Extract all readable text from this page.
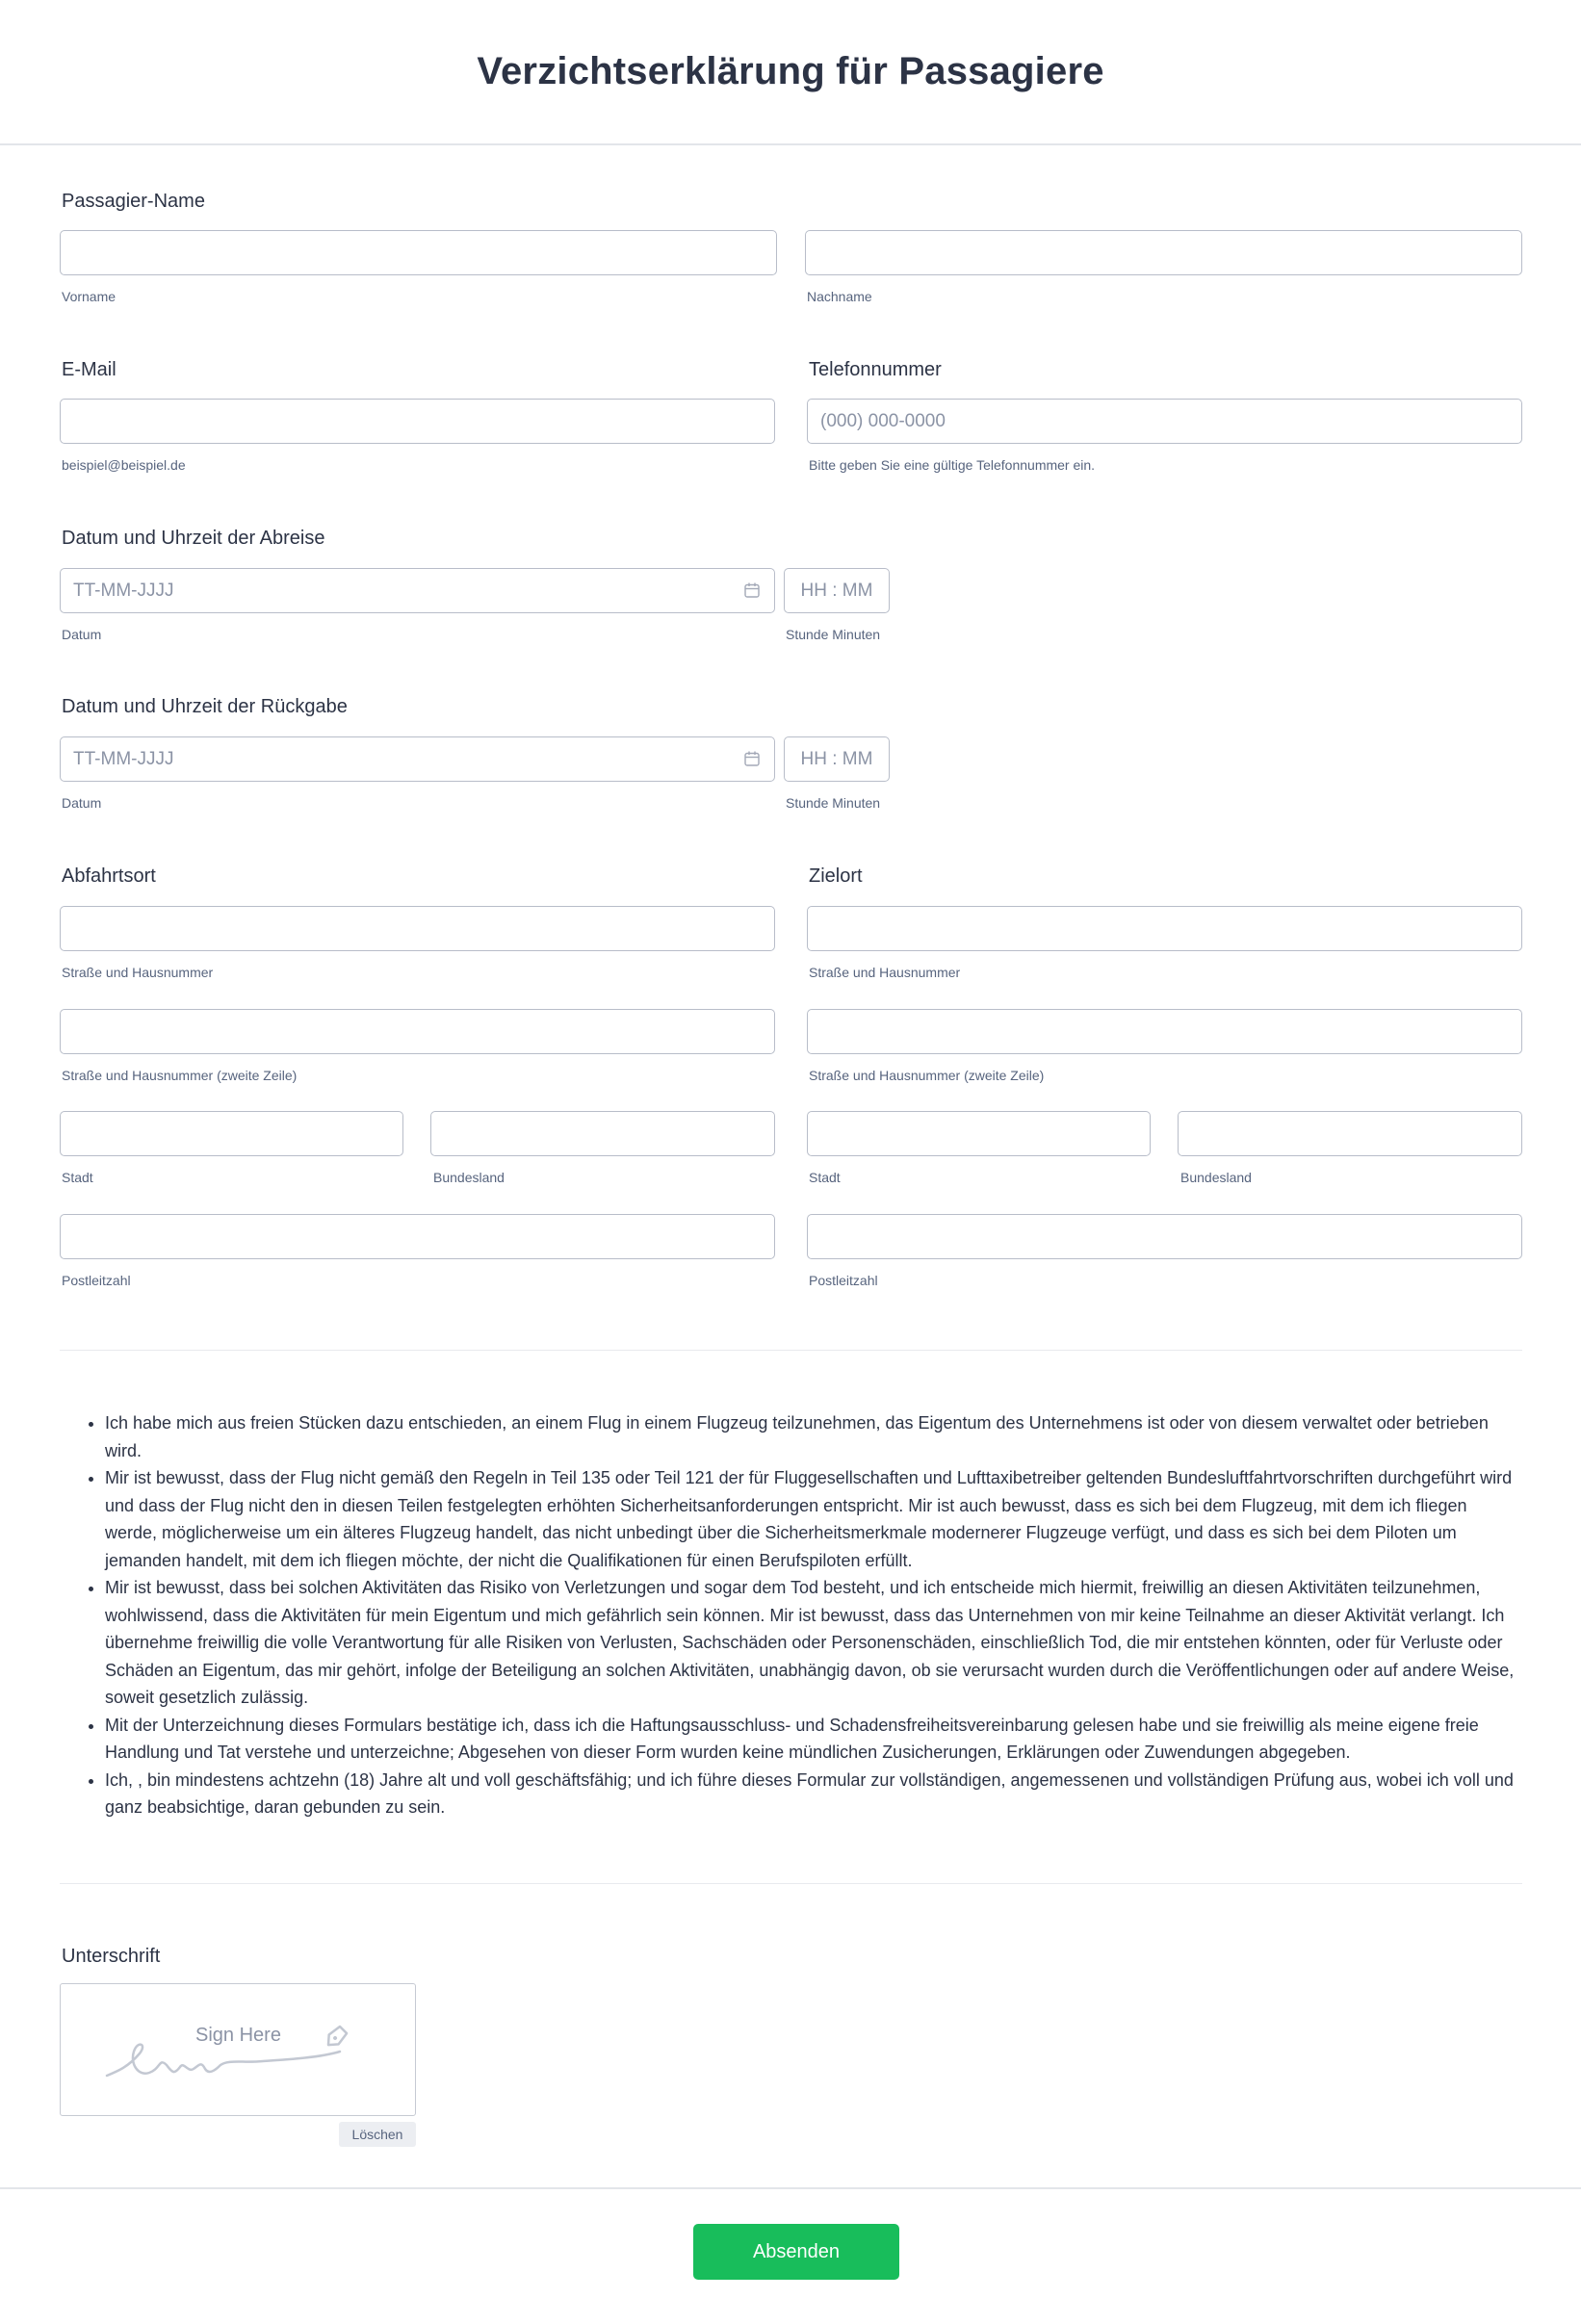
Verzichtserklärung für Passagiere
Passagier-Name
Vorname	Nachname
E-Mail
beispiel@beispiel.de
Telefonnummer
(000) 000-0000
Bitte geben Sie eine gültige Telefonnummer ein.
Datum und Uhrzeit der Abreise
TT-MM-JJJJ	HH : MM
Datum	Stunde Minuten
Datum und Uhrzeit der Rückgabe
TT-MM-JJJJ	HH : MM
Datum	Stunde Minuten
Abfahrtsort
Straße und Hausnummer
Straße und Hausnummer (zweite Zeile)
Stadt	Bundesland
Postleitzahl
Zielort
Straße und Hausnummer
Straße und Hausnummer (zweite Zeile)
Stadt	Bundesland
Postleitzahl
• Ich habe mich aus freien Stücken dazu entschieden, an einem Flug in einem Flugzeug teilzunehmen, das Eigentum des Unternehmens ist oder von diesem verwaltet oder betrieben wird.
• Mir ist bewusst, dass der Flug nicht gemäß den Regeln in Teil 135 oder Teil 121 der für Fluggesellschaften und Lufttaxibetreiber geltenden Bundesluftfahrtvorschriften durchgeführt wird und dass der Flug nicht den in diesen Teilen festgelegten erhöhten Sicherheitsanforderungen entspricht. Mir ist auch bewusst, dass es sich bei dem Flugzeug, mit dem ich fliegen werde, möglicherweise um ein älteres Flugzeug handelt, das nicht unbedingt über die Sicherheitsmerkmale modernerer Flugzeuge verfügt, und dass es sich bei dem Piloten um jemanden handelt, mit dem ich fliegen möchte, der nicht die Qualifikationen für einen Berufspiloten erfüllt.
• Mir ist bewusst, dass bei solchen Aktivitäten das Risiko von Verletzungen und sogar dem Tod besteht, und ich entscheide mich hiermit, freiwillig an diesen Aktivitäten teilzunehmen, wohlwissend, dass die Aktivitäten für mein Eigentum und mich gefährlich sein können. Mir ist bewusst, dass das Unternehmen von mir keine Teilnahme an dieser Aktivität verlangt. Ich übernehme freiwillig die volle Verantwortung für alle Risiken von Verlusten, Sachschäden oder Personenschäden, einschließlich Tod, die mir entstehen könnten, oder für Verluste oder Schäden an Eigentum, das mir gehört, infolge der Beteiligung an solchen Aktivitäten, unabhängig davon, ob sie verursacht wurden durch die Veröffentlichungen oder auf andere Weise, soweit gesetzlich zulässig.
• Mit der Unterzeichnung dieses Formulars bestätige ich, dass ich die Haftungsausschluss- und Schadensfreiheitsvereinbarung gelesen habe und sie freiwillig als meine eigene freie Handlung und Tat verstehe und unterzeichne; Abgesehen von dieser Form wurden keine mündlichen Zusicherungen, Erklärungen oder Zuwendungen abgegeben.
• Ich, , bin mindestens achtzehn (18) Jahre alt und voll geschäftsfähig; und ich führe dieses Formular zur vollständigen, angemessenen und vollständigen Prüfung aus, wobei ich voll und ganz beabsichtige, daran gebunden zu sein.
Unterschrift
Sign Here
Löschen
Absenden
